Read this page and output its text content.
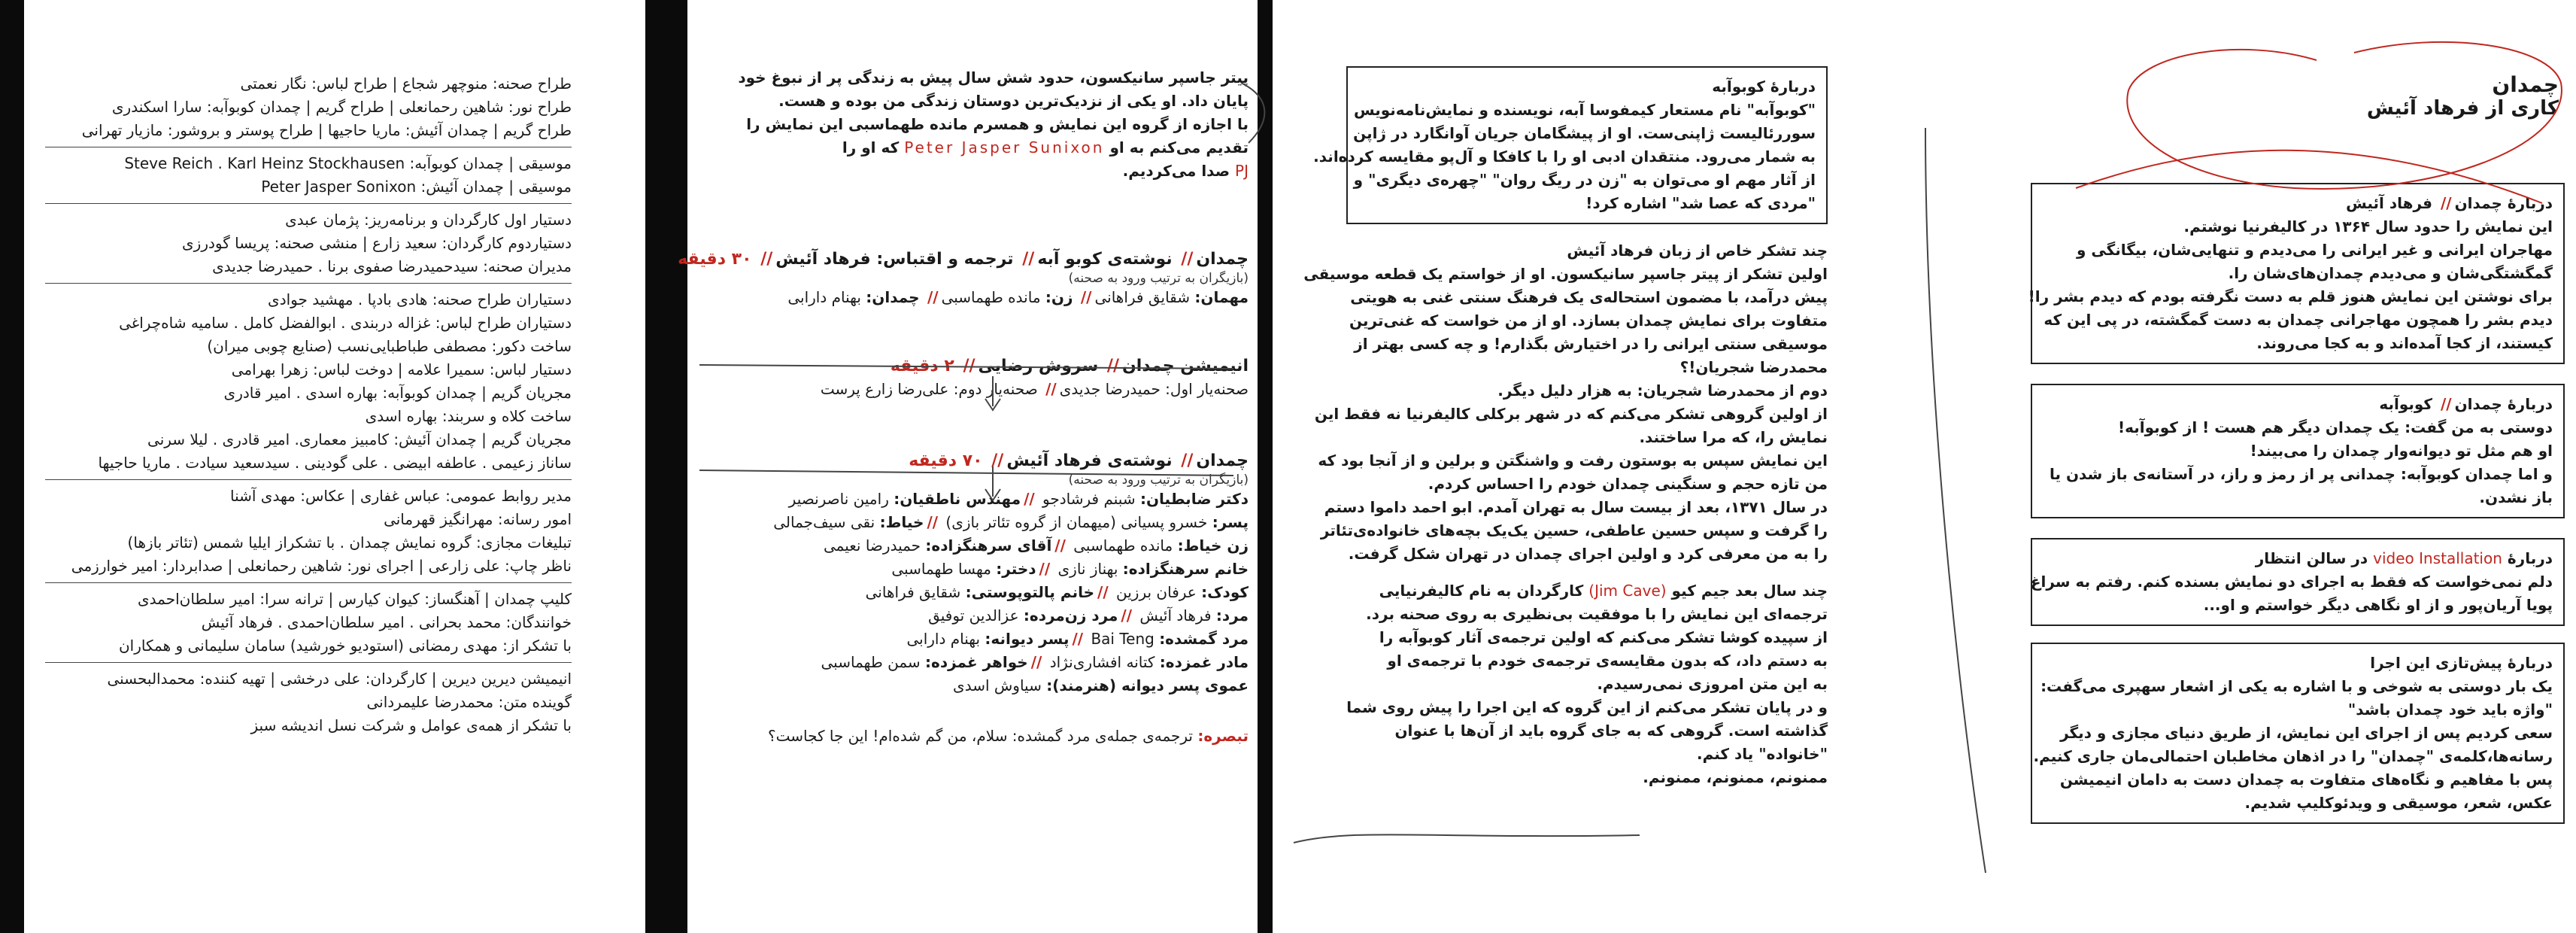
طراح صحنه: منوچهر شجاع | طراح لباس: نگار نعمتی
طراح نور: شاهین رحمانعلی | طراح گریم | چمدان کوبوآبه: سارا اسکندری
طراح گریم | چمدان آئیش: ماریا حاجیها | طراح پوستر و بروشور: مازیار تهرانی
موسیقی | چمدان کوبوآبه: Steve Reich . Karl Heinz Stockhausen
موسیقی | چمدان آئیش: Peter Jasper Sonixon
دستیار اول کارگردان و برنامه‌ریز: پژمان عبدی
دستیاردوم کارگردان: سعید زارع | منشی صحنه: پریسا گودرزی
مدیران صحنه: سیدحمیدرضا صفوی برنا . حمیدرضا جدیدی
دستیاران طراح صحنه: هادی بادپا . مهشید جوادی
دستیاران طراح لباس: غزاله دربندی . ابوالفضل کامل . سامیه شاه‌چراغی
ساخت دکور: مصطفی طباطبایی‌نسب (صنایع چوبی میران)
دستیار لباس: سمیرا علامه | دوخت لباس: زهرا بهرامی
مجریان گریم | چمدان کوبوآبه: بهاره اسدی . امیر قادری
ساخت کلاه و سربند: بهاره اسدی
مجریان گریم | چمدان آئیش: کامبیز معماری. امیر قادری . لیلا سرنی
ساناز زعیمی . عاطفه ابیضی . علی گودینی . سیدسعید سیادت . ماریا حاجیها
مدیر روابط عمومی: عباس غفاری | عکاس: مهدی آشنا
امور رسانه: مهرانگیز قهرمانی
تبلیغات مجازی: گروه نمایش چمدان . با تشکراز ایلیا شمس (تئاتر بازها)
ناظر چاپ: علی زارعی | اجرای نور: شاهین رحمانعلی | صدابردار: امیر خوارزمی
کلیپ چمدان | آهنگساز: کیوان کیارس | ترانه سرا: امیر سلطان‌احمدی
خوانندگان: محمد بحرانی . امیر سلطان‌احمدی . فرهاد آئیش
با تشکر از: مهدی رمضانی (استودیو خورشید) سامان سلیمانی و همکاران
انیمیشن دیرین دیرین | کارگردان: علی درخشی | تهیه کننده: محمدالبحسنی
گوینده متن: محمدرضا علیمردانی
با تشکر از همه‌ی عوامل و شرکت نسل اندیشه سبز
پیتر جاسپر سانیکسون، حدود شش سال پیش به زندگی پر از نبوغ خود
پایان داد. او یکی از نزدیک‌ترین دوستان زندگی من بوده و هست.
با اجازه از گروه این نمایش و همسرم مانده طهماسبی این نمایش را
تقدیم می‌کنم به او Peter Jasper Sunixon که او را
PJ صدا می‌کردیم.
چمدان// نوشته‌ی کوبو آبه// ترجمه و اقتباس: فرهاد آئیش// ۳۰ دقیقه
(بازیگران به ترتیب ورود به صحنه)
مهمان: شقایق فراهانی// زن: مانده طهماسبی// چمدان: بهنام دارابی
انیمیشن چمدان// سروش رضایی// ۲ دقیقه
صحنه‌یار اول: حمیدرضا جدیدی// صحنه‌یار دوم: علی‌رضا زارع پرست
چمدان// نوشته‌ی فرهاد آئیش// ۷۰ دقیقه
(بازیگران به ترتیب ورود به صحنه)
دکتر ضابطیان: شبنم فرشادجو //مهندس ناطقیان: رامین ناصرنصیر
پسر: خسرو پسیانی (میهمان از گروه تئاتر بازی) //خیاط: نقی سیف‌جمالی
زن خیاط: مانده طهماسبی //آقای سرهنگزاده: حمیدرضا نعیمی
خانم سرهنگزاده: بهناز نازی //دختر: مهسا طهماسبی
کودک: عرفان برزین //خانم پالتوپوستی: شقایق فراهانی
مرد: فرهاد آئیش //مرد زن‌مرده: عزالدین توفیق
مرد گمشده: Bai Teng //پسر دیوانه: بهنام دارابی
مادر غمزده: کتانه افشاری‌نژاد //خواهر غمزده: سمن طهماسبی
عموی پسر دیوانه (هنرمند): سیاوش اسدی
تبصره: ترجمه‌ی جمله‌ی مرد گمشده: سلام، من گم شده‌ام! این جا کجاست؟
دربارۀ کوبوآبه
"کوبوآبه" نام مستعار کیمفوسا آبه، نویسنده و نمایش‌نامه‌نویس
سوررئالیست ژاپنی‌ست. او از پیشگامان جریان آوانگارد در ژاپن
به شمار می‌رود. منتقدان ادبی او را با کافکا و آل‌پو مقایسه کرده‌اند.
از آثار مهم او می‌توان به "زن در ریگ روان" "چهره‌ی دیگری" و
"مردی که عصا شد" اشاره کرد!
چند تشکر خاص از زبان فرهاد آئیش
اولین تشکر از پیتر جاسپر سانیکسون. او از خواستم یک قطعه موسیقی
پیش درآمد، با مضمون استحاله‌ی یک فرهنگ سنتی غنی به هویتی
متفاوت برای نمایش چمدان بسازد. او از من خواست که غنی‌ترین
موسیقی سنتی ایرانی را در اختیارش بگذارم! و چه کسی بهتر از
محمدرضا شجریان!؟
دوم از محمدرضا شجریان: به هزار دلیل دیگر.
از اولین گروهی تشکر می‌کنم که در شهر برکلی کالیفرنیا نه فقط این
نمایش را، که مرا ساختند.
این نمایش سپس به بوستون رفت و واشنگتن و برلین و از آنجا بود که
من تازه حجم و سنگینی چمدان خودم را احساس کردم.
در سال ۱۳۷۱، بعد از بیست سال به تهران آمدم. ابو احمد داموا دستم
را گرفت و سپس حسین عاطفی، حسین یک‌یک بچه‌های خانواده‌ی‌تئاتر
را به من معرفی کرد و اولین اجرای چمدان در تهران شکل گرفت.
چند سال بعد جیم کیو (Jim Cave) کارگردان به نام کالیفرنیایی
ترجمه‌ای این نمایش را با موفقیت بی‌نظیری به روی صحنه برد.
از سپیده کوشا تشکر می‌کنم که اولین ترجمه‌ی آثار کوبوآبه را
به دستم داد، که بدون مقایسه‌ی ترجمه‌ی خودم با ترجمه‌ی او
به این متن امروزی نمی‌رسیدم.
و در پایان تشکر می‌کنم از این گروه که این اجرا را پیش روی شما
گذاشته است. گروهی که به جای گروه باید از آن‌ها با عنوان
"خانواده" یاد کنم.
ممنونم، ممنونم، ممنونم.
چمدان
کاری از فرهاد آئیش
دربارۀ چمدان// فرهاد آئیش
این نمایش را حدود سال ۱۳۶۴ در کالیفرنیا نوشتم.
مهاجران ایرانی و غیر ایرانی را می‌دیدم و تنهایی‌شان، بیگانگی و
گمگشتگی‌شان و می‌دیدم چمدان‌های‌شان را.
برای نوشتن این نمایش هنوز قلم به دست نگرفته بودم که دیدم بشر را!
دیدم بشر را همچون مهاجرانی چمدان به دست گمگشته، در پی این که
کیستند، از کجا آمده‌اند و به کجا می‌روند.
دربارۀ چمدان// کوبوآبه
دوستی به من گفت: یک چمدان دیگر هم هست ! از کوبوآبه!
او هم مثل تو دیوانه‌وار چمدان را می‌بیند!
و اما چمدان کوبوآبه: چمدانی پر از رمز و راز، در آستانه‌ی باز شدن یا
باز نشدن.
دربارۀ video Installation در سالن انتظار
دلم نمی‌خواست که فقط به اجرای دو نمایش بسنده کنم. رفتم به سراغ
پویا آریان‌پور و از او نگاهی دیگر خواستم و او...
دربارۀ پیش‌تازی این اجرا
یک بار دوستی به شوخی و با اشاره به یکی از اشعار سهپری می‌گفت:
"واژه باید خود چمدان باشد"
سعی کردیم پس از اجرای این نمایش، از طریق دنیای مجازی و دیگر
رسانه‌ها،کلمه‌ی "چمدان" را در اذهان مخاطبان احتمالی‌مان جاری کنیم.
پس با مفاهیم و نگاه‌های متفاوت به چمدان دست به دامان انیمیشن
عکس، شعر، موسیقی و ویدئوکلیپ شدیم.
